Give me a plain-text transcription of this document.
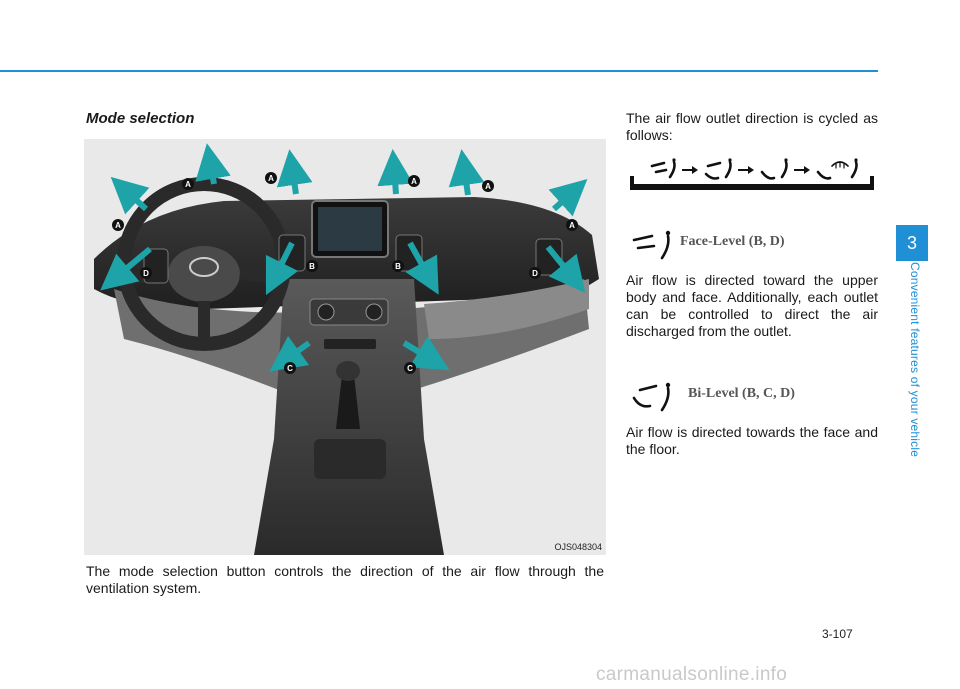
Mode selection
A
A	A
A
A	A
B	B
C	C
D	D
OJS048304
The mode selection button controls the direction of the air flow through the ventilation system.
The air flow outlet direction is cycled as follows:
Face-Level (B, D)
Air flow is directed toward the upper body and face. Additionally, each outlet can be controlled to direct the air discharged from the outlet.
Bi-Level (B, C, D)
Air flow is directed towards the face and the floor.
3
Convenient features of your vehicle
3-107
carmanualsonline.info
